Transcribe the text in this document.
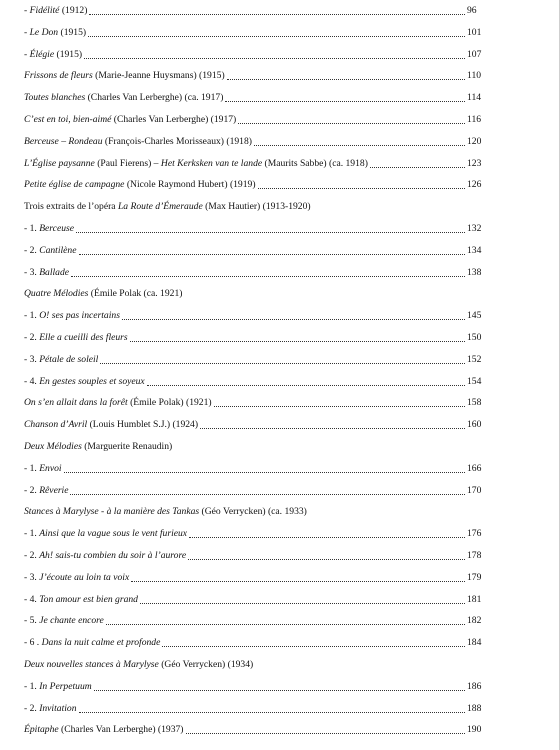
- Fidélité (1912)	96
- Le Don (1915)	101
- Élégie (1915)	107
Frissons de fleurs (Marie-Jeanne Huysmans) (1915)	110
Toutes blanches (Charles Van Lerberghe) (ca. 1917)	114
C’est en toi, bien-aimé (Charles Van Lerberghe) (1917)	116
Berceuse – Rondeau (François-Charles Morisseaux) (1918)	120
L’Église paysanne (Paul Fierens) – Het Kerksken van te lande (Maurits Sabbe) (ca. 1918)	123
Petite église de campagne (Nicole Raymond Hubert) (1919)	126
Trois extraits de l’opéra La Route d’Émeraude (Max Hautier) (1913-1920)
- 1. Berceuse	132
- 2. Cantilène	134
- 3. Ballade	138
Quatre Mélodies (Émile Polak (ca. 1921)
- 1. O! ses pas incertains	145
- 2. Elle a cueilli des fleurs	150
- 3. Pétale de soleil	152
- 4. En gestes souples et soyeux	154
On s’en allait dans la forêt (Émile Polak) (1921)	158
Chanson d’Avril (Louis Humblet S.J.) (1924)	160
Deux Mélodies (Marguerite Renaudin)
- 1. Envoi	166
- 2. Rêverie	170
Stances à Marylyse - à la manière des Tankas (Géo Verrycken) (ca. 1933)
- 1. Ainsi que la vague sous le vent furieux	176
- 2. Ah! sais-tu combien du soir à l’aurore	178
- 3. J’écoute au loin ta voix	179
- 4. Ton amour est bien grand	181
- 5. Je chante encore	182
- 6 . Dans la nuit calme et profonde	184
Deux nouvelles stances à Marylyse (Géo Verrycken) (1934)
- 1. In Perpetuum	186
- 2. Invitation	188
Épitaphe (Charles Van Lerberghe) (1937)	190
